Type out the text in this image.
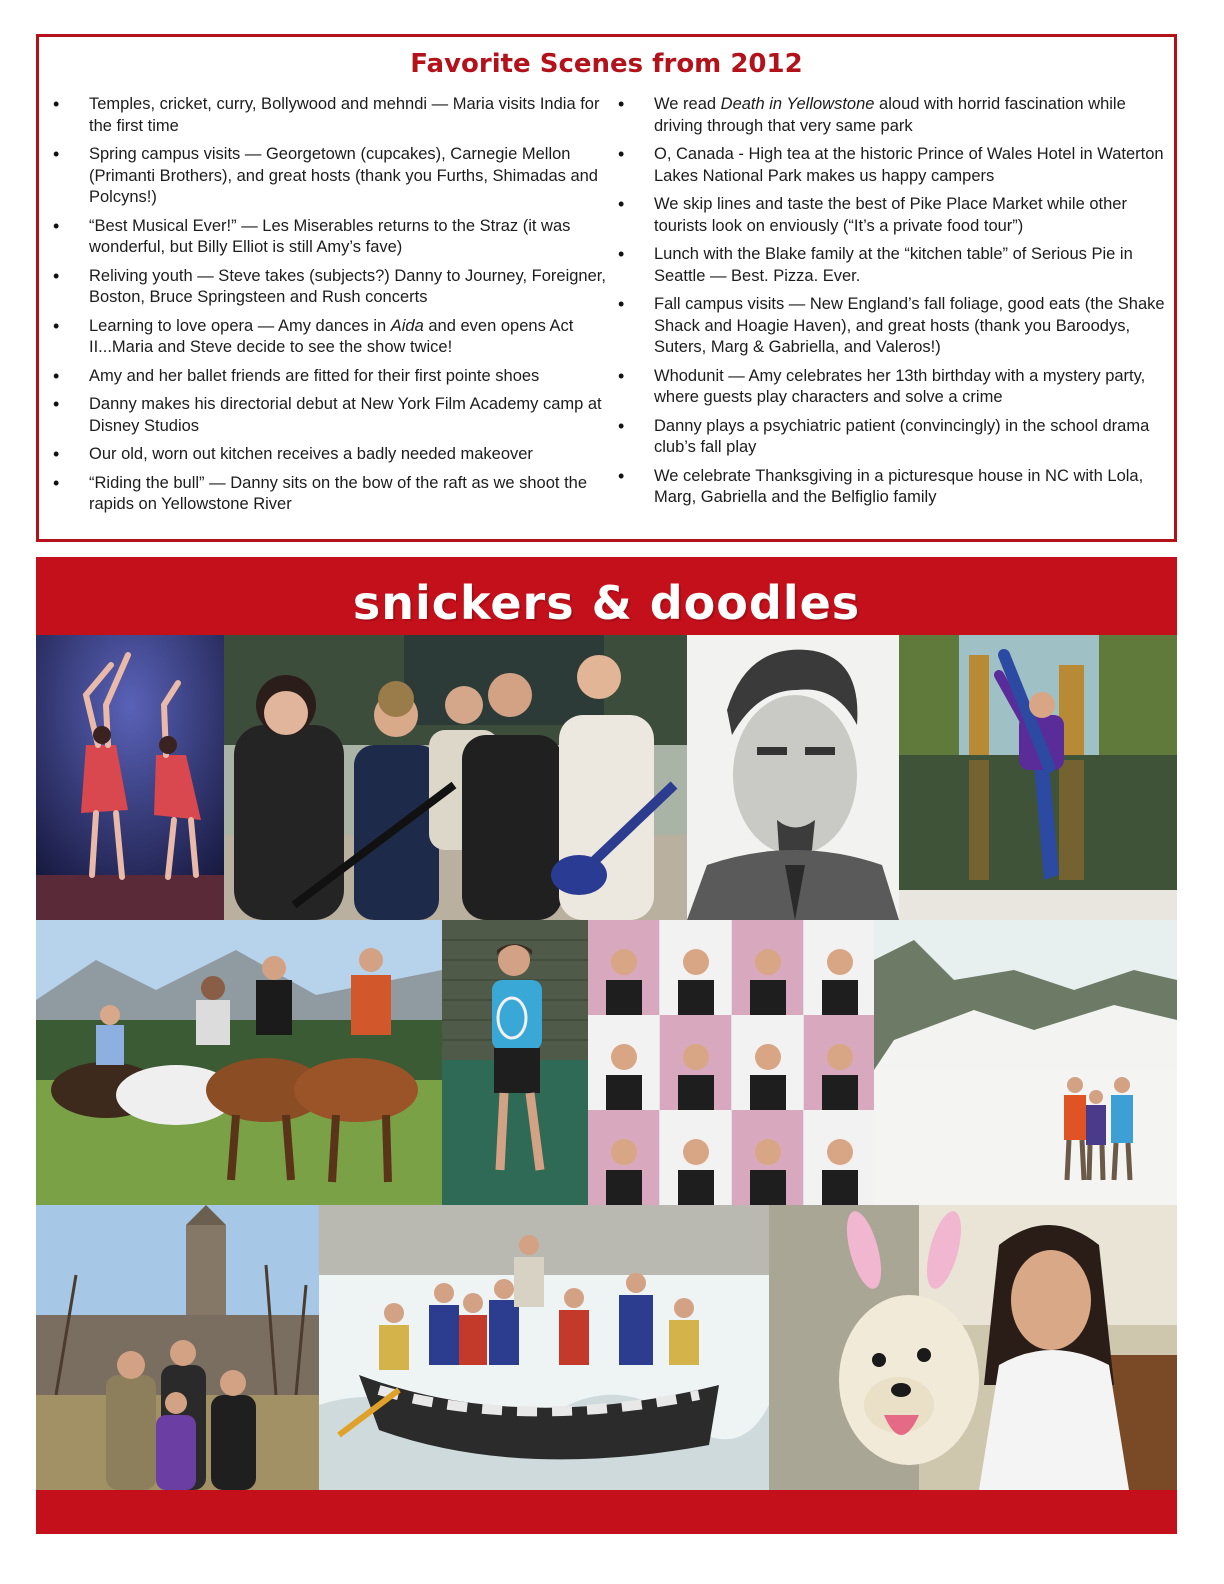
Favorite Scenes from 2012
• Temples, cricket, curry, Bollywood and mehndi — Maria visits India for the first time
• Spring campus visits — Georgetown (cupcakes), Carnegie Mellon (Primanti Brothers), and great hosts (thank you Furths, Shimadas and Polcyns!)
• “Best Musical Ever!” — Les Miserables returns to the Straz (it was wonderful, but Billy Elliot is still Amy’s fave)
• Reliving youth — Steve takes (subjects?) Danny to Journey, Foreigner, Boston, Bruce Springsteen and Rush concerts
• Learning to love opera — Amy dances in Aida and even opens Act II...Maria and Steve decide to see the show twice!
• Amy and her ballet friends are fitted for their first pointe shoes
• Danny makes his directorial debut at New York Film Academy camp at Disney Studios
• Our old, worn out kitchen receives a badly needed makeover
• “Riding the bull” — Danny sits on the bow of the raft as we shoot the rapids on Yellowstone River
• We read Death in Yellowstone aloud with horrid fascination while driving through that very same park
• O, Canada - High tea at the historic Prince of Wales Hotel in Waterton Lakes National Park makes us happy campers
• We skip lines and taste the best of Pike Place Market while other tourists look on enviously (“It’s a private food tour”)
• Lunch with the Blake family at the “kitchen table” of Serious Pie in Seattle — Best. Pizza. Ever.
• Fall campus visits — New England’s fall foliage, good eats (the Shake Shack and Hoagie Haven), and great hosts (thank you Baroodys, Suters, Marg & Gabriella, and Valeros!)
• Whodunit — Amy celebrates her 13th birthday with a mystery party, where guests play characters and solve a crime
• Danny plays a psychiatric patient (convincingly) in the school drama club’s fall play
• We celebrate Thanksgiving in a picturesque house in NC with Lola, Marg, Gabriella and the Belfiglio family
snickers & doodles
